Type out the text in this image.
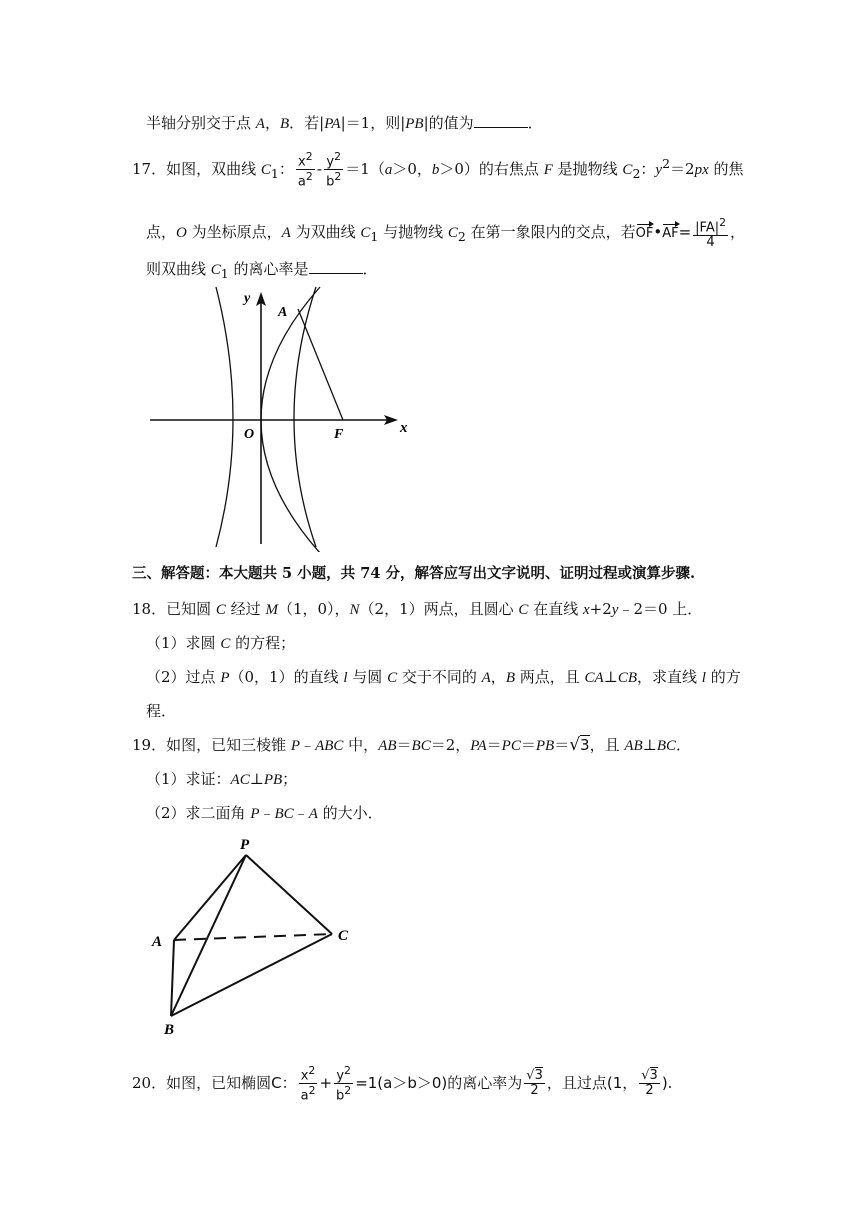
半轴分别交于点 A，B．若|PA|＝1，则|PB|的值为	．
17．如图，双曲线 $C_1$： $\frac{x^2}{a^2} - \frac{y^2}{b^2} =1(a>0$，b＞0）的右焦点 F 是抛物线 $C_2$：$y^2=2px$ 的焦
点，O 为坐标原点，A 为双曲线 $C_1$ 与抛物线 $C_2$ 在第一象限内的交点，若OF•AF= $\frac{|FA|^2}{4}$ ，
则双曲线 $C_1$ 的离心率是	．
y
A
O	F	x
三、解答题：本大题共 5 小题，共 74 分，解答应写出文字说明、证明过程或演算步骤.
18．已知圆 C 经过 M（1，0），N（2，1）两点，且圆心 C 在直线 x+2y﹣2＝0 上．
（1）求圆 C 的方程；
（2）过点 P（0，1）的直线 l 与圆 C 交于不同的 A，B 两点，且 CA⊥CB，求直线 l 的方
程．
19．如图，已知三棱锥 P﹣ABC 中，AB＝BC＝2，PA＝PC＝PB＝√3，且 AB⊥BC．
（1）求证：AC⊥PB；
（2）求二面角 P﹣BC﹣A 的大小．
P
A	C
B
20．如图，已知椭圆C： $\frac{x^2}{a^2} + \frac{y^2}{b^2} =1(a>b>0)$的离心率为 $\frac{√3}{2}$ ，且过点(1， $\frac{√3}{2}$ ).
